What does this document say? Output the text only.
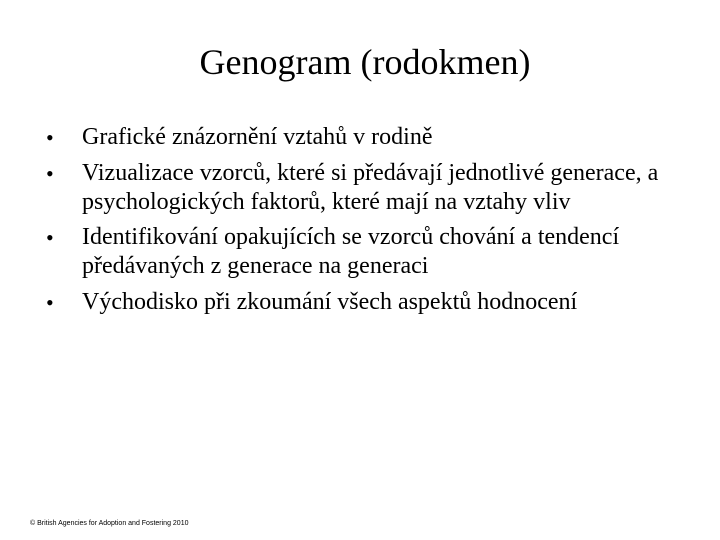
Genogram (rodokmen)
• Grafické znázornění vztahů v rodině
• Vizualizace vzorců, které si předávají jednotlivé generace, a psychologických faktorů, které mají na vztahy vliv
• Identifikování opakujících se vzorců chování a tendencí předávaných z generace na generaci
• Východisko při zkoumání všech aspektů hodnocení
© British Agencies for Adoption and Fostering 2010
